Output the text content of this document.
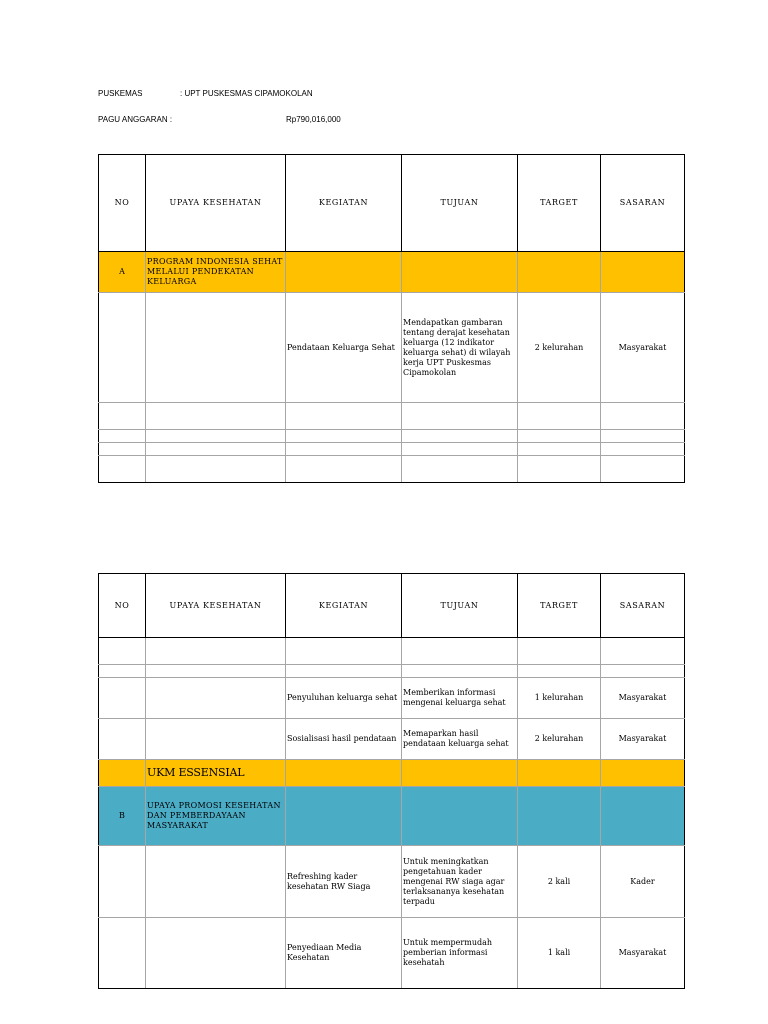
PUSKEMAS	: UPT PUSKESMAS CIPAMOKOLAN
PAGU ANGGARAN :	Rp790,016,000
NO	UPAYA KESEHATAN	KEGIATAN	TUJUAN	TARGET	SASARAN
A	PROGRAM INDONESIA SEHAT MELALUI PENDEKATAN KELUARGA				
		Pendataan Keluarga Sehat	Mendapatkan gambaran tentang derajat kesehatan keluarga (12 indikator keluarga sehat) di wilayah kerja UPT Puskesmas Cipamokolan	2 kelurahan	Masyarakat

NO	UPAYA KESEHATAN	KEGIATAN	TUJUAN	TARGET	SASARAN

		Penyuluhan keluarga sehat	Memberikan informasi mengenai keluarga sehat	1 kelurahan	Masyarakat
		Sosialisasi hasil pendataan	Memaparkan hasil pendataan keluarga sehat	2 kelurahan	Masyarakat
	UKM ESSENSIAL				
B	UPAYA PROMOSI KESEHATAN DAN PEMBERDAYAAN MASYARAKAT				
		Refreshing kader kesehatan RW Siaga	Untuk meningkatkan pengetahuan kader mengenai RW siaga agar terlaksananya kesehatan terpadu	2 kali	Kader
		Penyediaan Media Kesehatan	Untuk mempermudah pemberian informasi kesehatah	1 kali	Masyarakat
